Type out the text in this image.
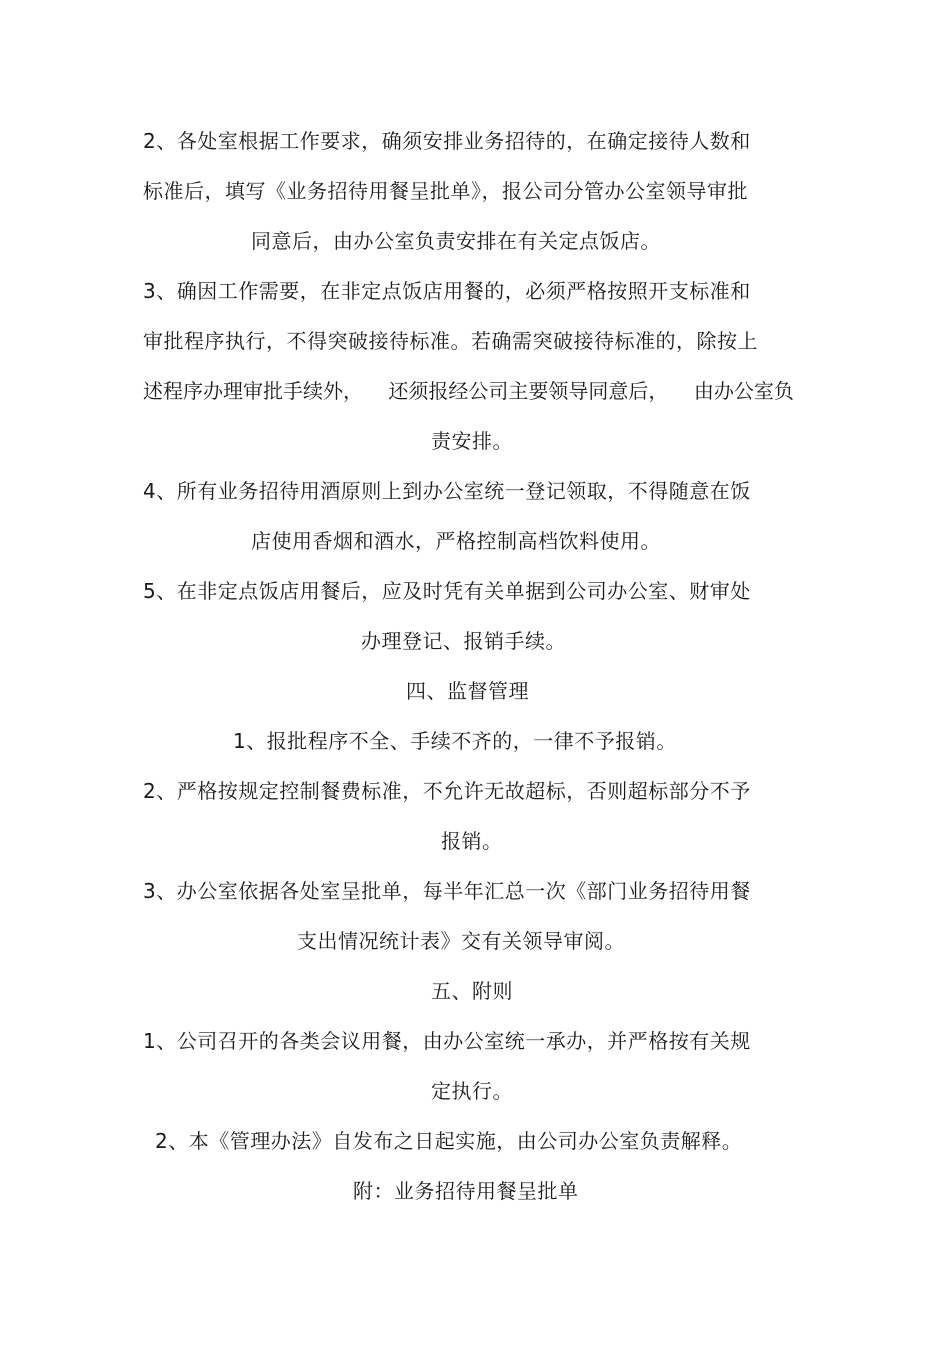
2、各处室根据工作要求，确须安排业务招待的，在确定接待人数和
标准后，填写《业务招待用餐呈批单》，报公司分管办公室领导审批
同意后，由办公室负责安排在有关定点饭店。
3、确因工作需要，在非定点饭店用餐的，必须严格按照开支标准和
审批程序执行，不得突破接待标准。若确需突破接待标准的，除按上
述程序办理审批手续外，    还须报经公司主要领导同意后，    由办公室负
责安排。
4、所有业务招待用酒原则上到办公室统一登记领取，不得随意在饭
店使用香烟和酒水，严格控制高档饮料使用。
5、在非定点饭店用餐后，应及时凭有关单据到公司办公室、财审处
办理登记、报销手续。
四、监督管理
1、报批程序不全、手续不齐的，一律不予报销。
2、严格按规定控制餐费标准，不允许无故超标，否则超标部分不予
报销。
3、办公室依据各处室呈批单，每半年汇总一次《部门业务招待用餐
支出情况统计表》交有关领导审阅。
五、附则
1、公司召开的各类会议用餐，由办公室统一承办，并严格按有关规
定执行。
2、本《管理办法》自发布之日起实施，由公司办公室负责解释。
附：业务招待用餐呈批单
